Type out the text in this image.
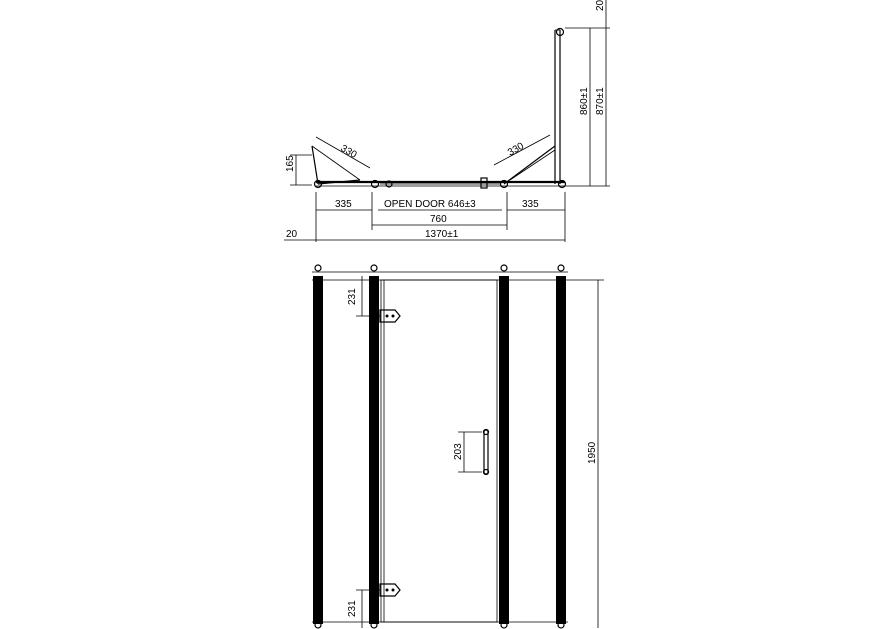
330	330
165
860±1 870±1
20
335	OPEN DOOR 646±3	335
760
20	1370±1
231
203
231
1950
